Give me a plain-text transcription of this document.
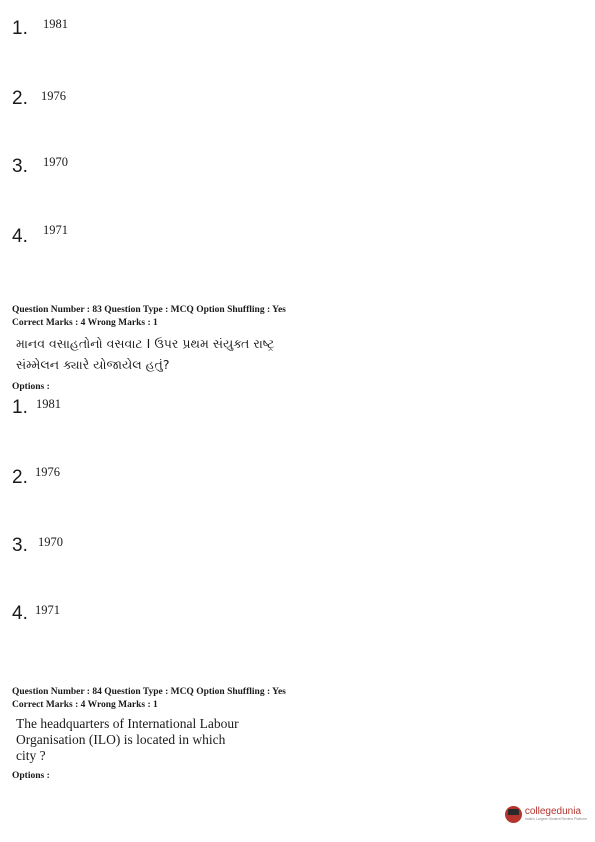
1. 1981
2. 1976
3. 1970
4. 1971
Question Number : 83 Question Type : MCQ Option Shuffling : Yes
Correct Marks : 4 Wrong Marks : 1
માનવ વસાહતોનો વસવાટ I ઉપર પ્રથમ સંયુક્ત રાષ્ટ્ર
સંમ્મેલન ક્યારે યોજાયેલ હતું?
Options :
1. 1981
2. 1976
3. 1970
4. 1971
Question Number : 84 Question Type : MCQ Option Shuffling : Yes
Correct Marks : 4 Wrong Marks : 1
The headquarters of International Labour
Organisation (ILO) is located in which
city ?
Options :
collegedunia
India's Largest Student Review Platform
